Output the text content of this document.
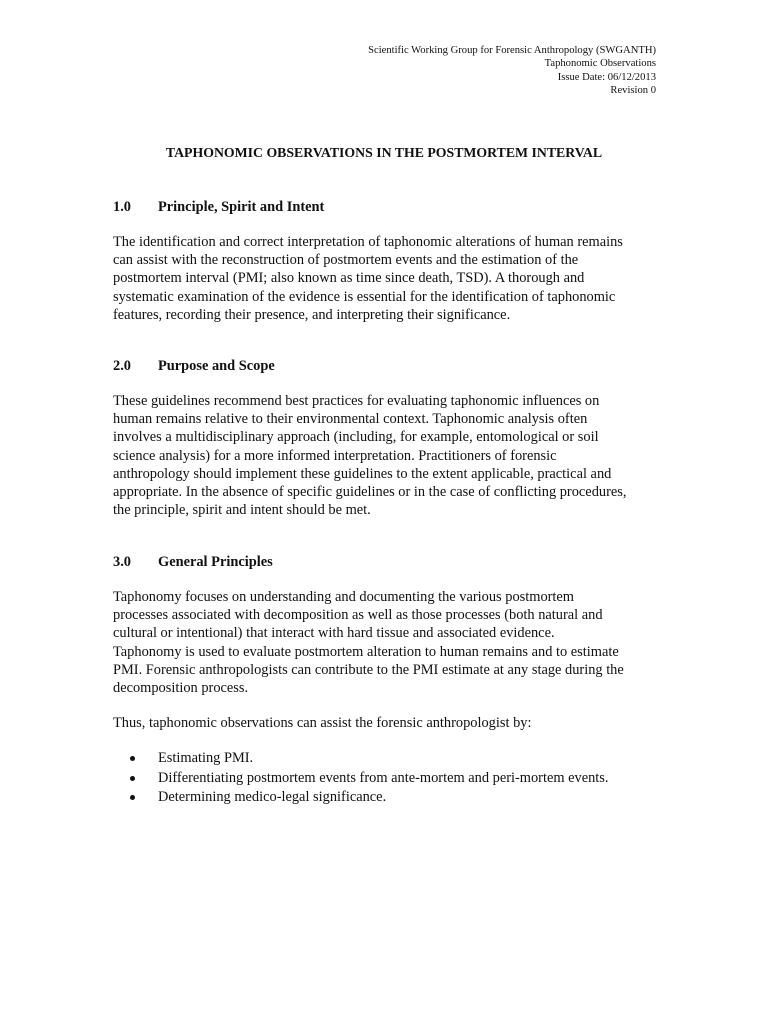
Scientific Working Group for Forensic Anthropology (SWGANTH)
Taphonomic Observations
Issue Date: 06/12/2013
Revision 0
TAPHONOMIC OBSERVATIONS IN THE POSTMORTEM INTERVAL
1.0 Principle, Spirit and Intent
The identification and correct interpretation of taphonomic alterations of human remains
can assist with the reconstruction of postmortem events and the estimation of the
postmortem interval (PMI; also known as time since death, TSD). A thorough and
systematic examination of the evidence is essential for the identification of taphonomic
features, recording their presence, and interpreting their significance.
2.0 Purpose and Scope
These guidelines recommend best practices for evaluating taphonomic influences on
human remains relative to their environmental context. Taphonomic analysis often
involves a multidisciplinary approach (including, for example, entomological or soil
science analysis) for a more informed interpretation. Practitioners of forensic
anthropology should implement these guidelines to the extent applicable, practical and
appropriate. In the absence of specific guidelines or in the case of conflicting procedures,
the principle, spirit and intent should be met.
3.0 General Principles
Taphonomy focuses on understanding and documenting the various postmortem
processes associated with decomposition as well as those processes (both natural and
cultural or intentional) that interact with hard tissue and associated evidence.
Taphonomy is used to evaluate postmortem alteration to human remains and to estimate
PMI. Forensic anthropologists can contribute to the PMI estimate at any stage during the
decomposition process.
Thus, taphonomic observations can assist the forensic anthropologist by:
Estimating PMI.
Differentiating postmortem events from ante-mortem and peri-mortem events.
Determining medico-legal significance.
